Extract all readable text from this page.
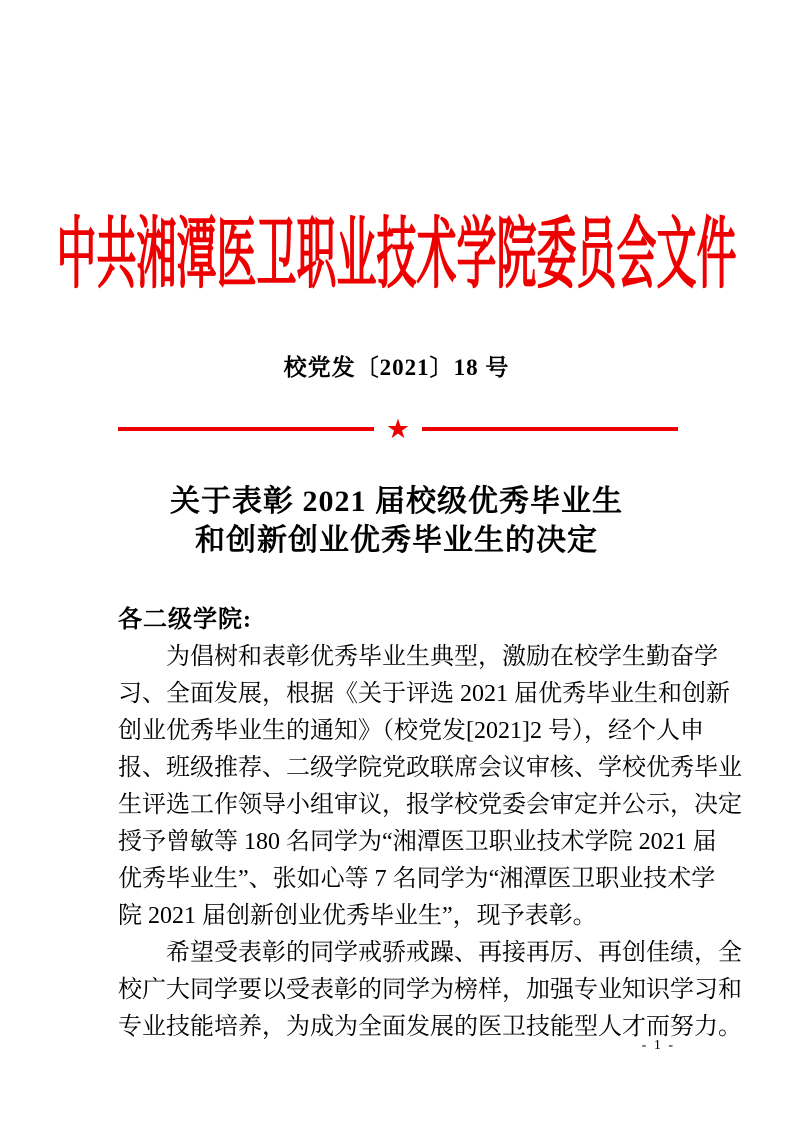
中共湘潭医卫职业技术学院委员会文件
校党发〔2021〕18 号
★
关于表彰 2021 届校级优秀毕业生
和创新创业优秀毕业生的决定
各二级学院:
为倡树和表彰优秀毕业生典型，激励在校学生勤奋学
习、全面发展，根据《关于评选 2021 届优秀毕业生和创新
创业优秀毕业生的通知》（校党发[2021]2 号），经个人申
报、班级推荐、二级学院党政联席会议审核、学校优秀毕业
生评选工作领导小组审议，报学校党委会审定并公示，决定
授予曾敏等 180 名同学为“湘潭医卫职业技术学院 2021 届
优秀毕业生”、张如心等 7 名同学为“湘潭医卫职业技术学
院 2021 届创新创业优秀毕业生”，现予表彰。
希望受表彰的同学戒骄戒躁、再接再厉、再创佳绩，全
校广大同学要以受表彰的同学为榜样，加强专业知识学习和
专业技能培养，为成为全面发展的医卫技能型人才而努力。
- 1 -
